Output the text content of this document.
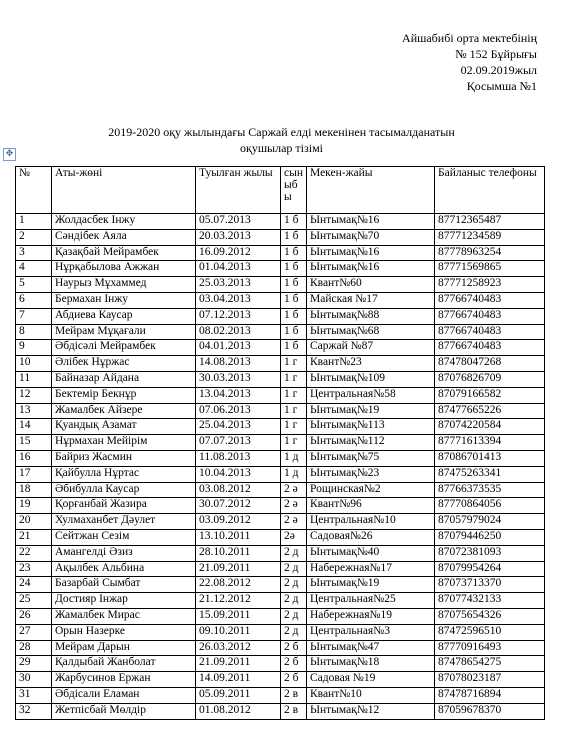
Айшабибі орта мектебінің
№ 152 Бұйрығы
02.09.2019жыл
Қосымша №1
2019-2020 оқу жылындағы Саржай елді мекенінен тасымалданатын
оқушылар тізімі
✥
№	Аты-жөні	Туылған жылы	сыныбы	Мекен-жайы	Байланыс телефоны
1	Жолдасбек Інжу	05.07.2013	1 б	Ынтымақ№16	87712365487
2	Сәндібек Аяла	20.03.2013	1 б	Ынтымақ№70	87771234589
3	Қазақбай Мейрамбек	16.09.2012	1 б	Ынтымақ№16	87778963254
4	Нұрқабылова Ажжан	01.04.2013	1 б	Ынтымақ№16	87771569865
5	Наурыз Мұхаммед	25.03.2013	1 б	Квант№60	87771258923
6	Бермахан Інжу	03.04.2013	1 б	Майская №17	87766740483
7	Абдиева Каусар	07.12.2013	1 б	Ынтымақ№88	87766740483
8	Мейрам Мұқағали	08.02.2013	1 б	Ынтымақ№68	87766740483
9	Әбдісәлі Мейрамбек	04.01.2013	1 б	Саржай №87	87766740483
10	Әлібек Нұржас	14.08.2013	1 г	Квант№23	87478047268
11	Байназар Айдана	30.03.2013	1 г	Ынтымақ№109	87076826709
12	Бектемір Бекнұр	13.04.2013	1 г	Центральная№58	87079166582
13	Жамалбек Айзере	07.06.2013	1 г	Ынтымақ№19	87477665226
14	Қуандық Азамат	25.04.2013	1 г	Ынтымақ№113	87074220584
15	Нұрмахан Мейірім	07.07.2013	1 г	Ынтымақ№112	87771613394
16	Байриз Жасмин	11.08.2013	1 д	Ынтымақ№75	87086701413
17	Қайбулла Нұртас	10.04.2013	1 д	Ынтымақ№23	87475263341
18	Әбибулла Каусар	03.08.2012	2 ә	Рощинская№2	87766373535
19	Қорғанбай Жазира	30.07.2012	2 ә	Квант№96	87770864056
20	Хулмаханбет Дәулет	03.09.2012	2 ә	Центральная№10	87057979024
21	Сейтжан Сезім	13.10.2011	2ә	Садовая№26	87079446250
22	Амангелді Әзиз	28.10.2011	2 д	Ынтымақ№40	87072381093
23	Ақылбек Альбина	21.09.2011	2 д	Набережная№17	87079954264
24	Базарбай Сымбат	22.08.2012	2 д	Ынтымақ№19	87073713370
25	Достияр Інжар	21.12.2012	2 д	Центральная№25	87077432133
26	Жамалбек Мирас	15.09.2011	2 д	Набережная№19	87075654326
27	Орын Назерке	09.10.2011	2 д	Центральная№3	87472596510
28	Мейрам Дарын	26.03.2012	2 б	Ынтымақ№47	87770916493
29	Қалдыбай Жанболат	21.09.2011	2 б	Ынтымақ№18	87478654275
30	Жарбусинов Ержан	14.09.2011	2 б	Садовая №19	87078023187
31	Әбдісали Еламан	05.09.2011	2 в	Квант№10	87478716894
32	Жетпісбай Мөлдір	01.08.2012	2 в	Ынтымақ№12	87059678370
